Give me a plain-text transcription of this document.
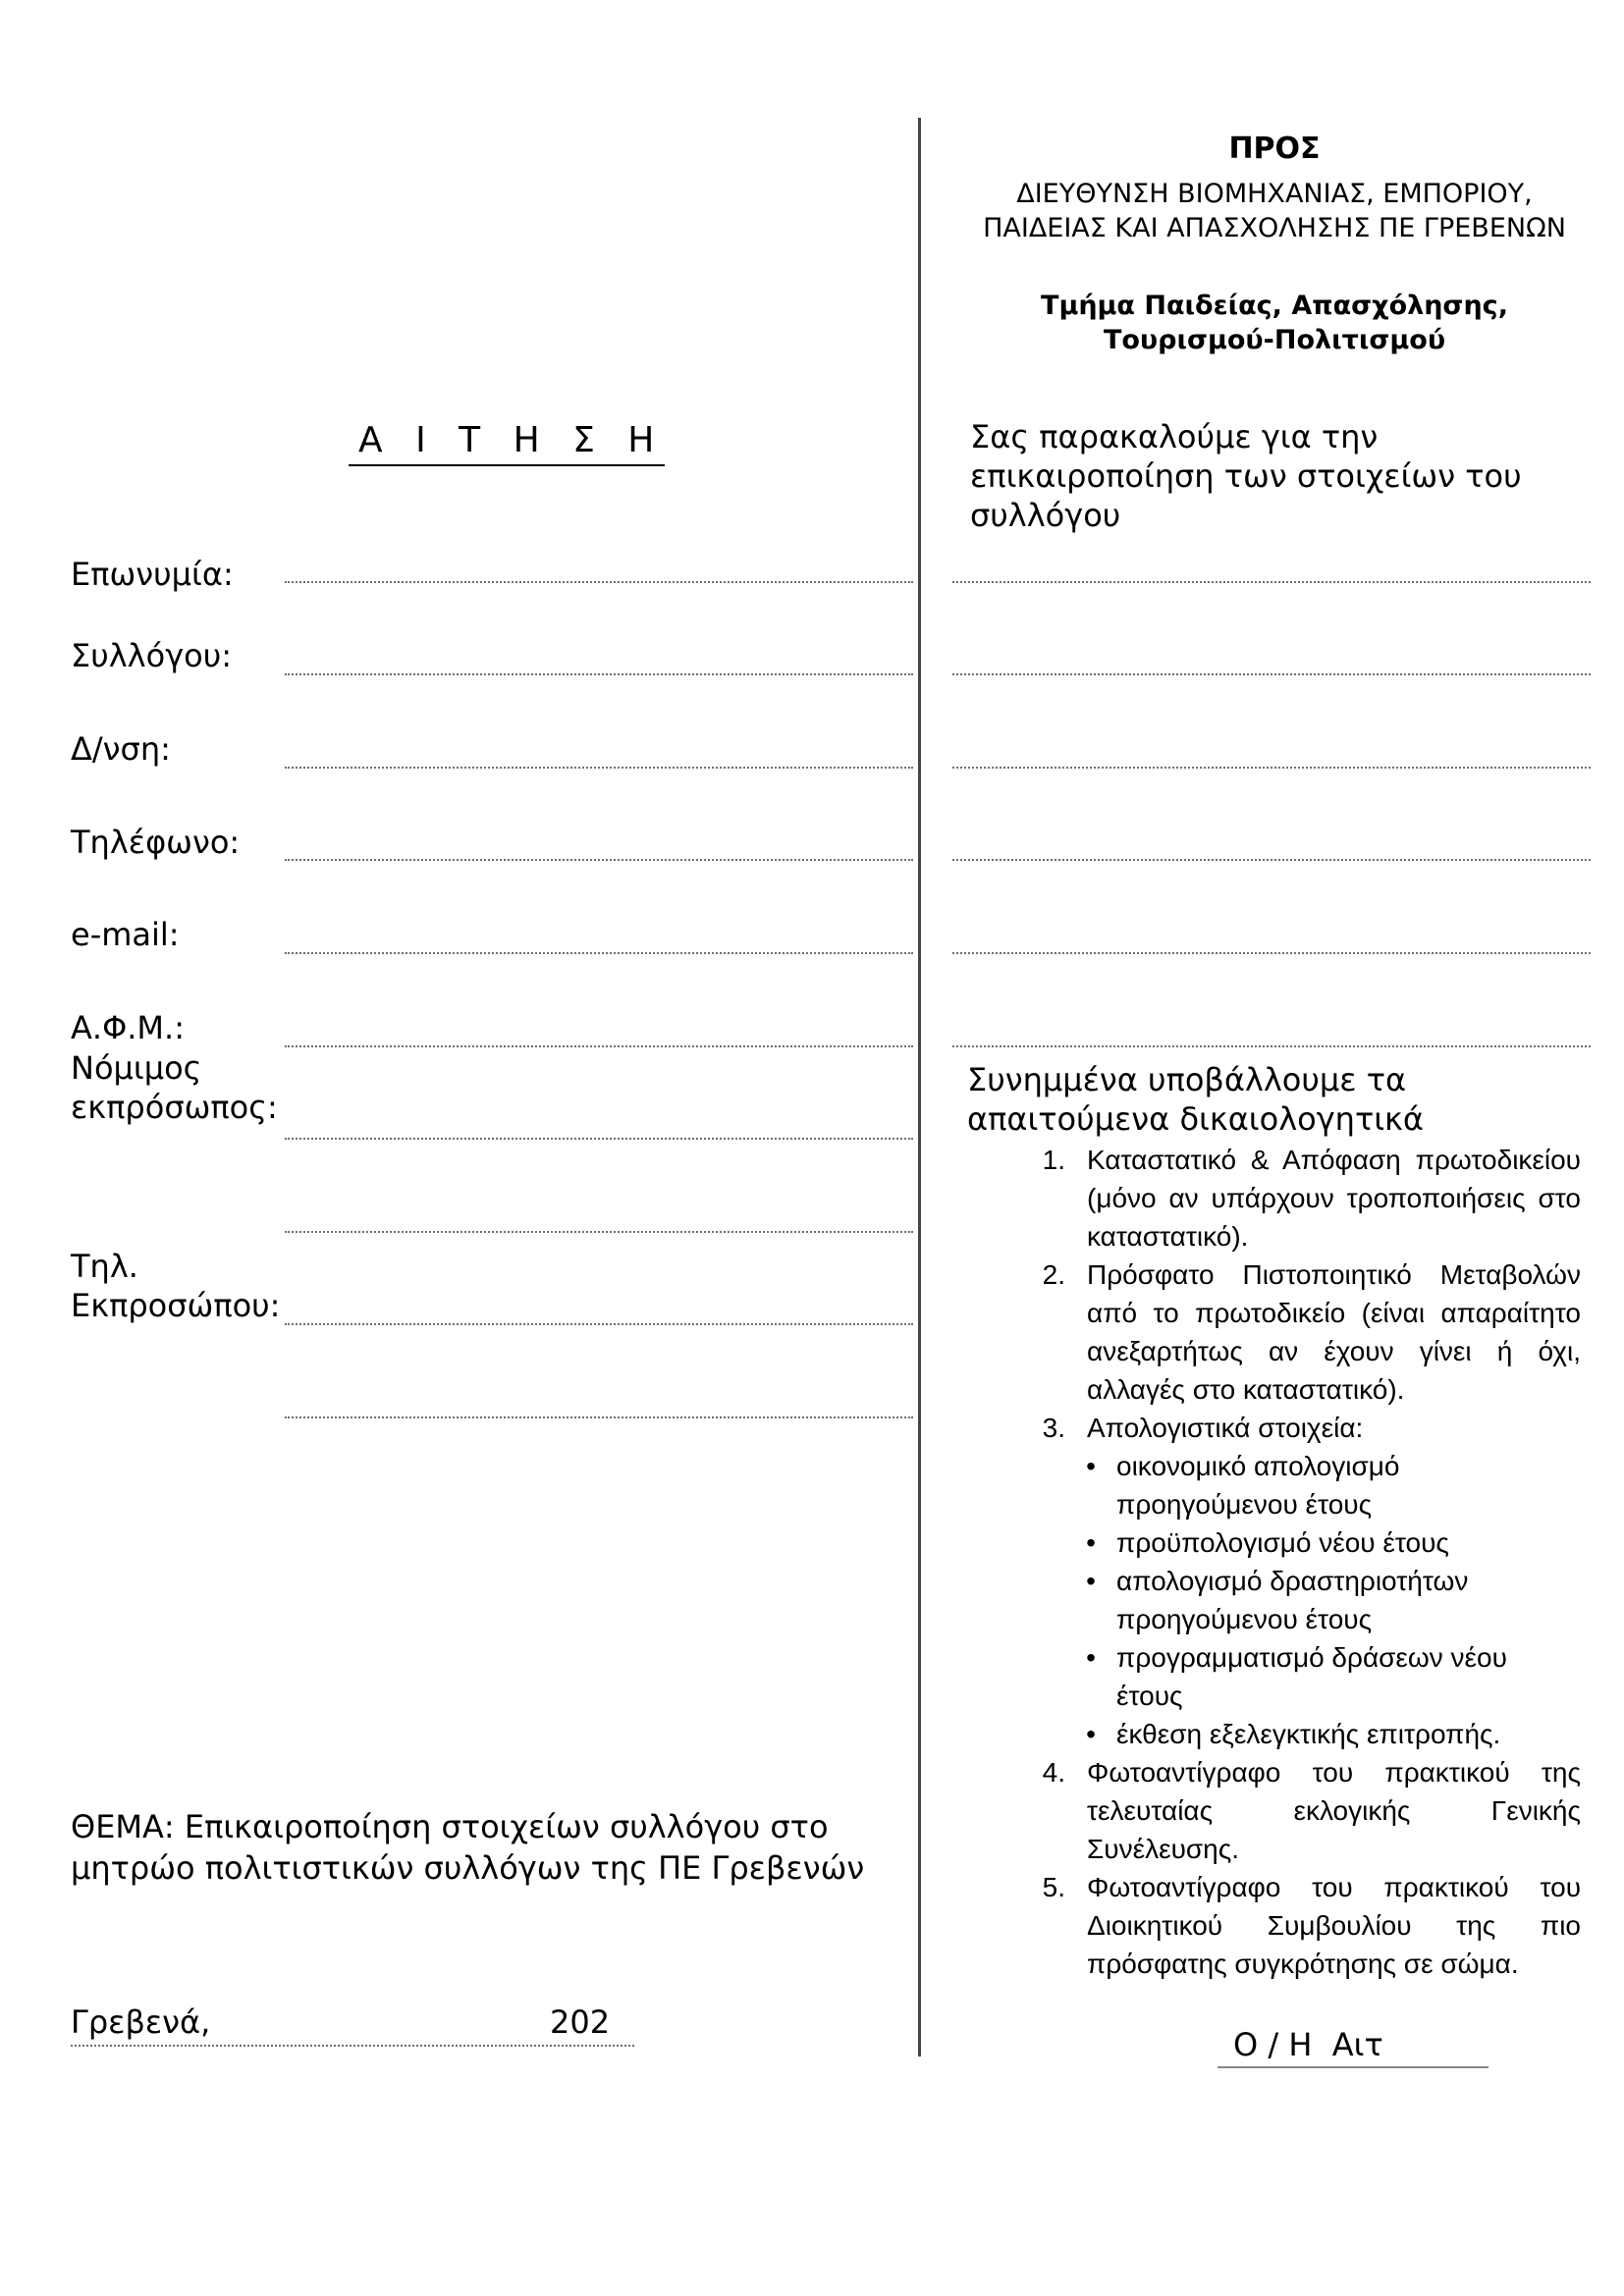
Α Ι Τ Η Σ Η
Επωνυμία:
Συλλόγου:
Δ/νση:
Τηλέφωνο:
e-mail:
Α.Φ.Μ.:
Νόμιμος
εκπρόσωπος:
Τηλ.
Εκπροσώπου:
ΘΕΜΑ: Επικαιροποίηση στοιχείων συλλόγου στο μητρώο πολιτιστικών συλλόγων της ΠΕ Γρεβενών
Γρεβενά,	202
ΠΡΟΣ
ΔΙΕΥΘΥΝΣΗ ΒΙΟΜΗΧΑΝΙΑΣ, ΕΜΠΟΡΙΟΥ,
ΠΑΙΔΕΙΑΣ ΚΑΙ ΑΠΑΣΧΟΛΗΣΗΣ ΠΕ ΓΡΕΒΕΝΩΝ
Τμήμα Παιδείας, Απασχόλησης,
Τουρισμού-Πολιτισμού
Σας παρακαλούμε για την επικαιροποίηση των στοιχείων του συλλόγου
Συνημμένα υποβάλλουμε τα απαιτούμενα δικαιολογητικά
1. Καταστατικό & Απόφαση πρωτοδικείου (μόνο αν υπάρχουν τροποποιήσεις στο καταστατικό).
2. Πρόσφατο Πιστοποιητικό Μεταβολών από το πρωτοδικείο (είναι απαραίτητο ανεξαρτήτως αν έχουν γίνει ή όχι, αλλαγές στο καταστατικό).
3. Απολογιστικά στοιχεία:
• οικονομικό απολογισμό προηγούμενου έτους
• προϋπολογισμό νέου έτους
• απολογισμό δραστηριοτήτων προηγούμενου έτους
• προγραμματισμό δράσεων νέου έτους
• έκθεση εξελεγκτικής επιτροπής.
4. Φωτοαντίγραφο του πρακτικού της τελευταίας εκλογικής Γενικής Συνέλευσης.
5. Φωτοαντίγραφο του πρακτικού του Διοικητικού Συμβουλίου της πιο πρόσφατης συγκρότησης σε σώμα.
Ο / Η  Αιτ
